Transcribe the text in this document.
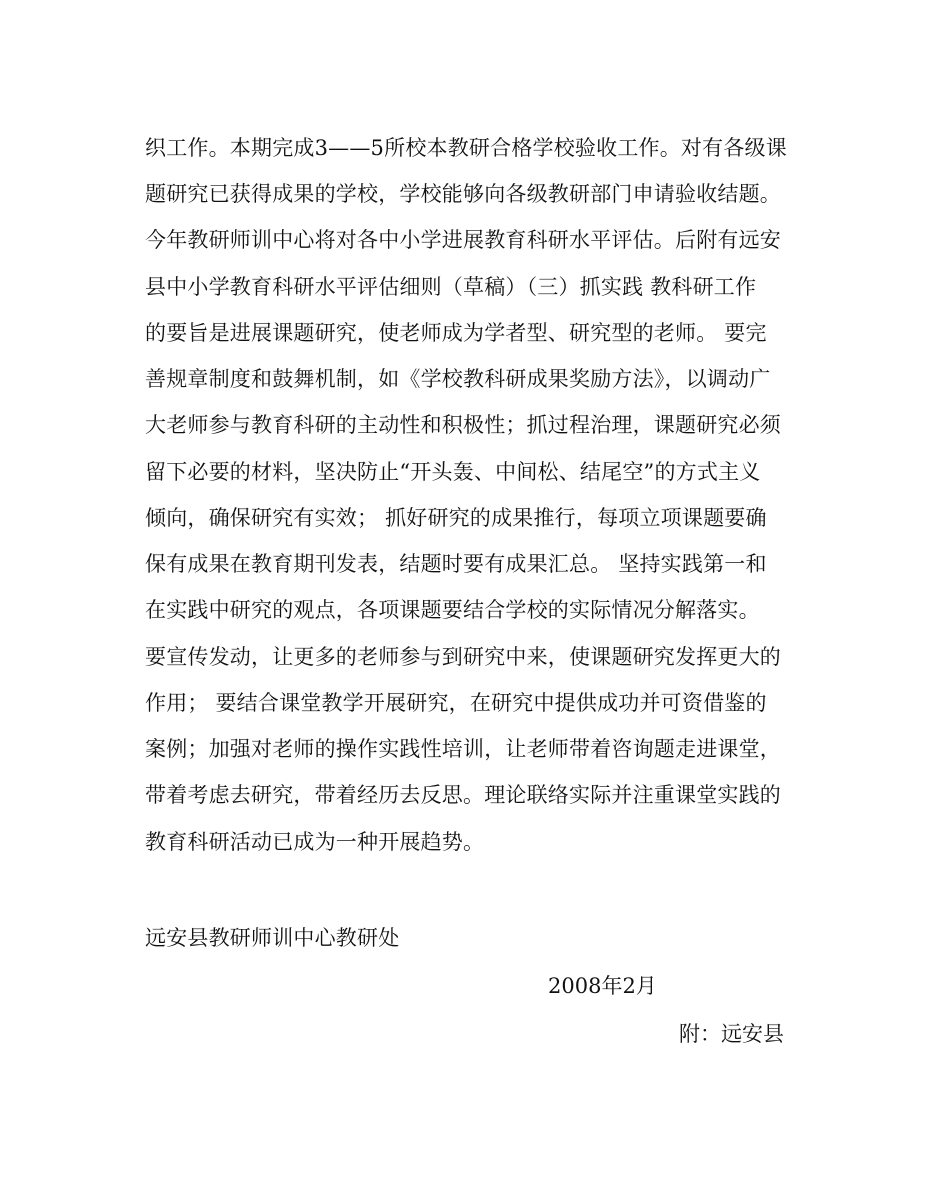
织工作。本期完成3——5所校本教研合格学校验收工作。对有各级课
题研究已获得成果的学校，学校能够向各级教研部门申请验收结题。
今年教研师训中心将对各中小学进展教育科研水平评估。后附有远安
县中小学教育科研水平评估细则（草稿）（三）抓实践 教科研工作
的要旨是进展课题研究，使老师成为学者型、研究型的老师。 要完
善规章制度和鼓舞机制，如《学校教科研成果奖励方法》，以调动广
大老师参与教育科研的主动性和积极性；抓过程治理，课题研究必须
留下必要的材料，坚决防止“开头轰、中间松、结尾空”的方式主义
倾向，确保研究有实效； 抓好研究的成果推行，每项立项课题要确
保有成果在教育期刊发表，结题时要有成果汇总。 坚持实践第一和
在实践中研究的观点，各项课题要结合学校的实际情况分解落实。
要宣传发动，让更多的老师参与到研究中来，使课题研究发挥更大的
作用； 要结合课堂教学开展研究，在研究中提供成功并可资借鉴的
案例；加强对老师的操作实践性培训，让老师带着咨询题走进课堂，
带着考虑去研究，带着经历去反思。理论联络实际并注重课堂实践的
教育科研活动已成为一种开展趋势。
远安县教研师训中心教研处
2008年2月
附：远安县
